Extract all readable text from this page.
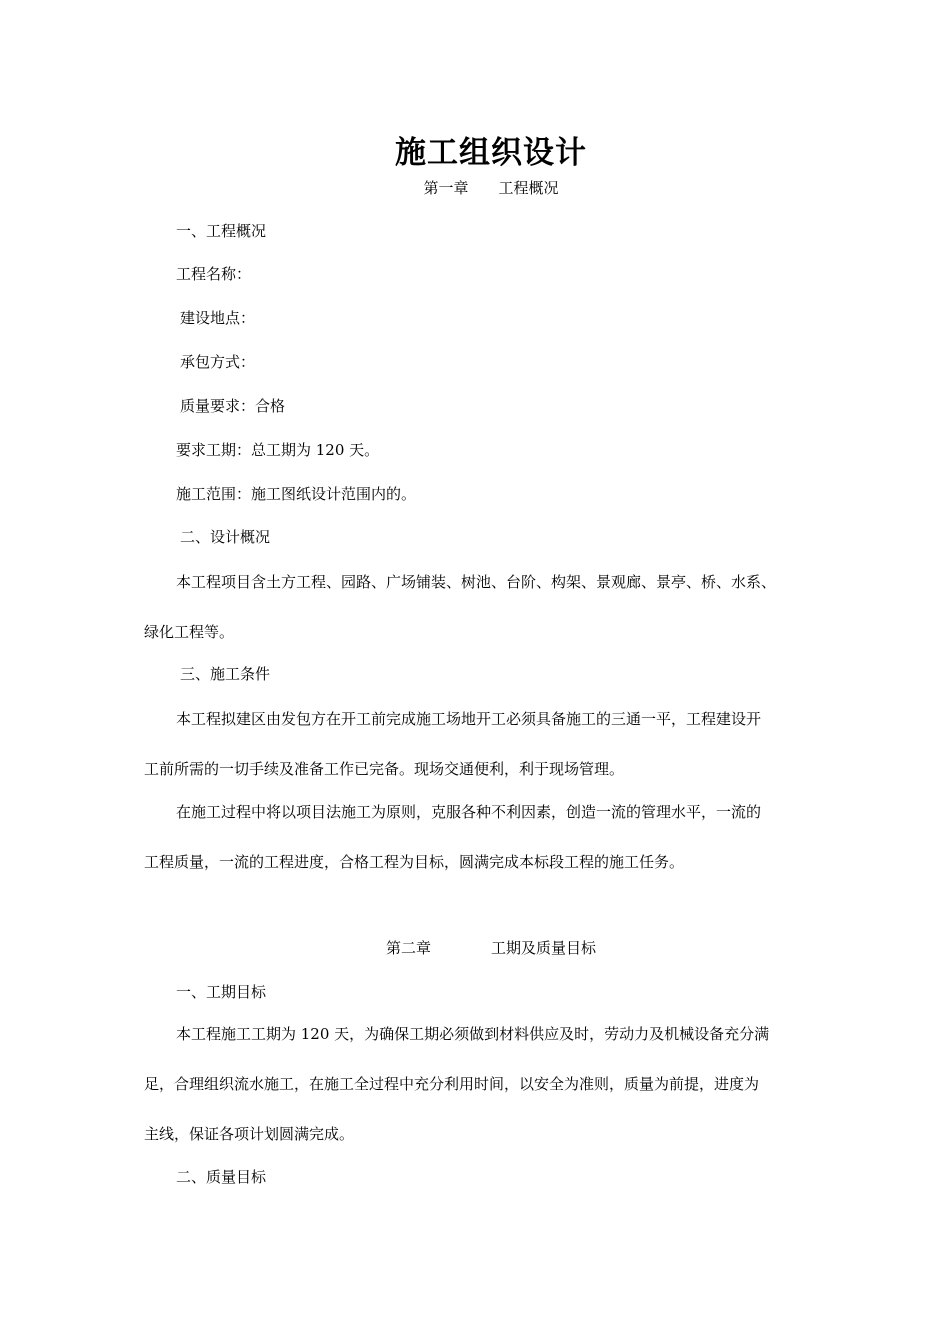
施工组织设计
第一章　　工程概况
一、工程概况
工程名称：
建设地点：
承包方式：
质量要求：合格
要求工期：总工期为 120 天。
施工范围：施工图纸设计范围内的。
二、设计概况
本工程项目含土方工程、园路、广场铺装、树池、台阶、构架、景观廊、景亭、桥、水系、
绿化工程等。
三、施工条件
本工程拟建区由发包方在开工前完成施工场地开工必须具备施工的三通一平，工程建设开
工前所需的一切手续及准备工作已完备。现场交通便利，利于现场管理。
在施工过程中将以项目法施工为原则，克服各种不利因素，创造一流的管理水平，一流的
工程质量，一流的工程进度，合格工程为目标，圆满完成本标段工程的施工任务。
第二章　　　　工期及质量目标
一、工期目标
本工程施工工期为 120 天，为确保工期必须做到材料供应及时，劳动力及机械设备充分满
足，合理组织流水施工，在施工全过程中充分利用时间，以安全为准则，质量为前提，进度为
主线，保证各项计划圆满完成。
二、质量目标
